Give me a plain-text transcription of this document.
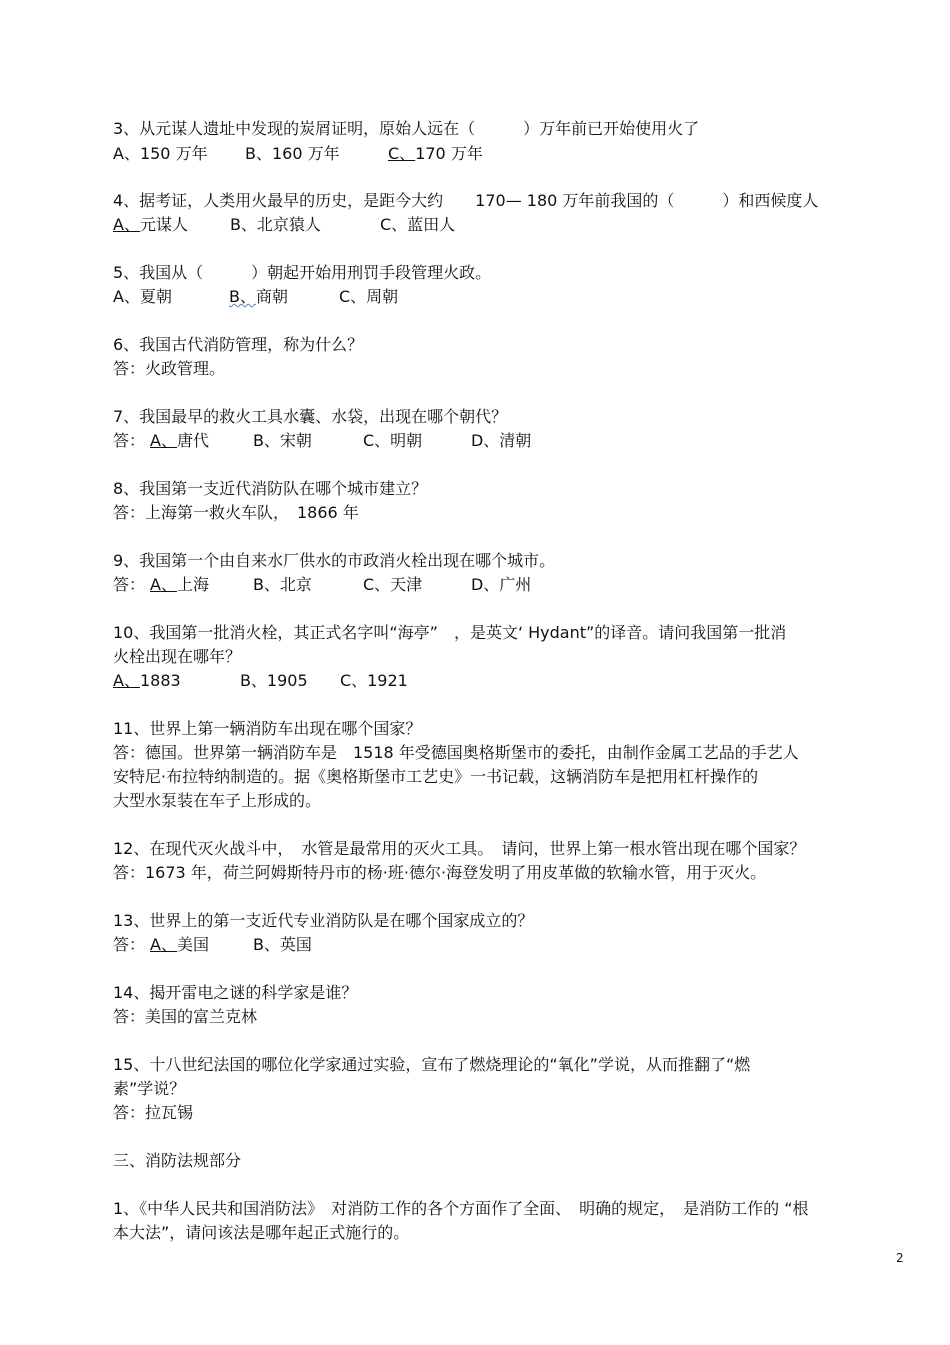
3、从元谋人遗址中发现的炭屑证明，原始人远在（　　　）万年前已开始使用火了
A、150 万年 B、160 万年	C、170 万年
4、据考证，人类用火最早的历史，是距今大约　　170— 180 万年前我国的（　　　）和西候度人
A、元谋人	B、北京猿人	C、蓝田人
5、我国从（　　　）朝起开始用刑罚手段管理火政。
A、夏朝	B、商朝	C、周朝
6、我国古代消防管理，称为什么？
答：火政管理。
7、我国最早的救火工具水囊、水袋，出现在哪个朝代？
答： A、唐代	B、宋朝	C、明朝	D、清朝
8、我国第一支近代消防队在哪个城市建立？
答：上海第一救火车队，　1866 年
9、我国第一个由自来水厂供水的市政消火栓出现在哪个城市。
答： A、上海	B、北京	C、天津	D、广州
10、我国第一批消火栓，其正式名字叫“海亭”　，是英文‘ Hydant”的译音。请问我国第一批消
火栓出现在哪年？
A、1883	B、1905 C、1921
11、世界上第一辆消防车出现在哪个国家？
答：德国。世界第一辆消防车是　1518 年受德国奥格斯堡市的委托，由制作金属工艺品的手艺人
安特尼·布拉特纳制造的。据《奥格斯堡市工艺史》一书记载，这辆消防车是把用杠杆操作的
大型水泵装在车子上形成的。
12、在现代灭火战斗中，　水管是最常用的灭火工具。　请问，世界上第一根水管出现在哪个国家？
答：1673 年，荷兰阿姆斯特丹市的杨·班·德尔·海登发明了用皮革做的软输水管，用于灭火。
13、世界上的第一支近代专业消防队是在哪个国家成立的？
答： A、美国	B、英国
14、揭开雷电之谜的科学家是谁？
答：美国的富兰克林
15、十八世纪法国的哪位化学家通过实验，宣布了燃烧理论的“氧化”学说，从而推翻了“燃
素”学说？
答：拉瓦锡
三、消防法规部分
1、《中华人民共和国消防法》　对消防工作的各个方面作了全面、　明确的规定，　是消防工作的 “根
本大法”，请问该法是哪年起正式施行的。
2
